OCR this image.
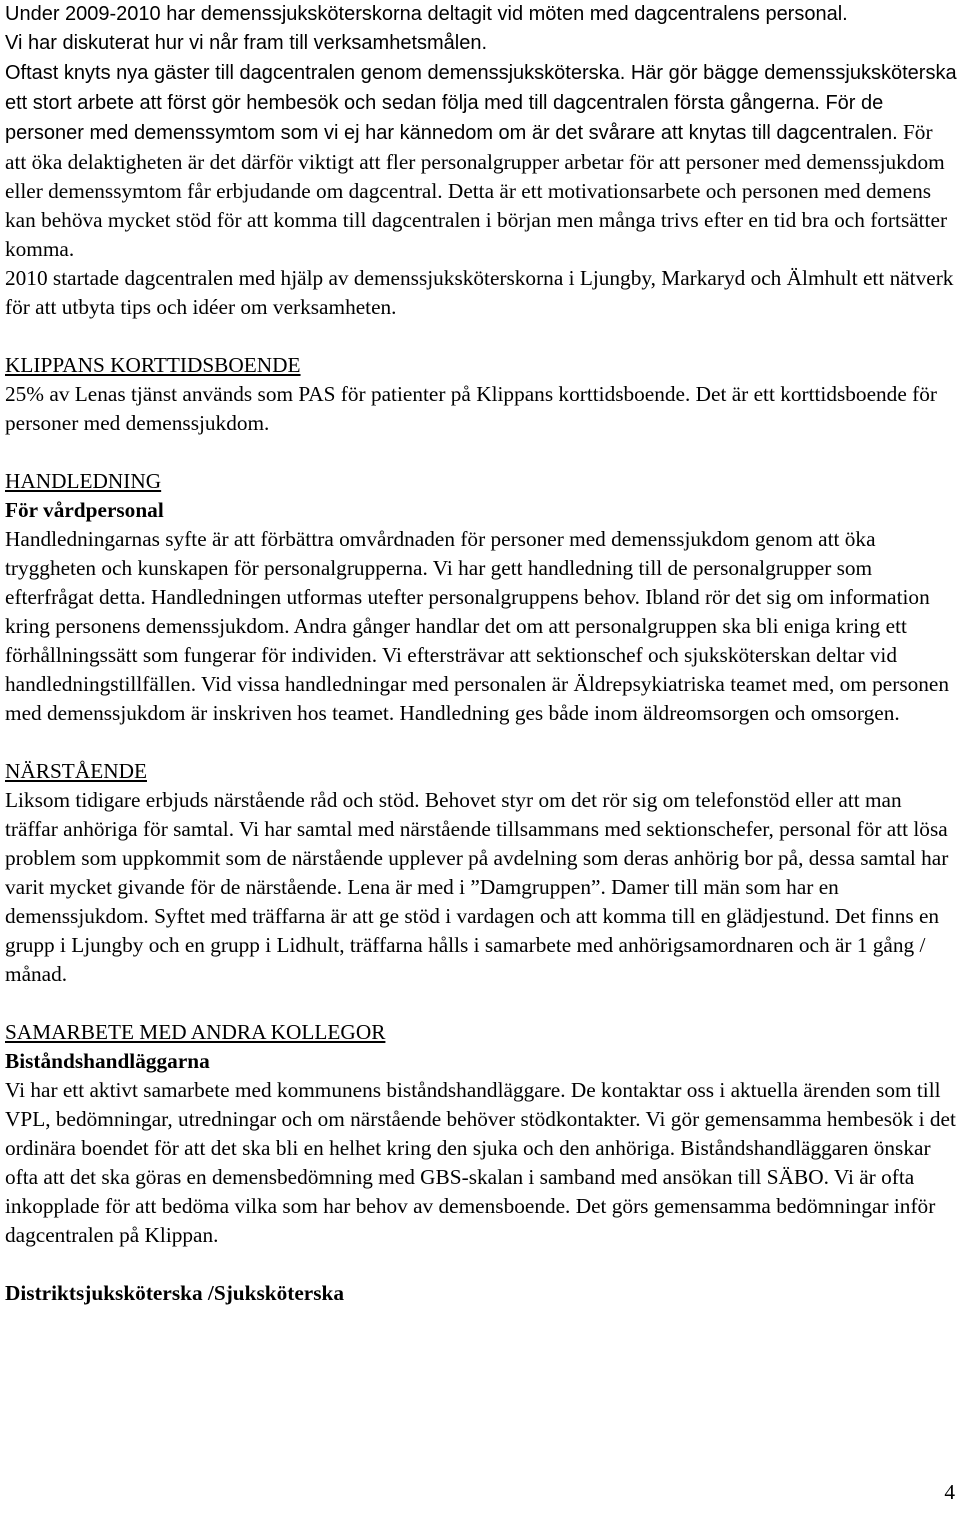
Under 2009-2010 har demenssjuksköterskorna deltagit vid möten med dagcentralens personal.

Vi har diskuterat hur vi når fram till verksamhetsmålen.

Oftast knyts nya gäster till dagcentralen genom demenssjuksköterska. Här gör bägge demenssjuksköterska ett stort arbete att först gör hembesök och sedan följa med till dagcentralen första gångerna. För de personer med demenssymtom som vi ej har kännedom om är det svårare att knytas till dagcentralen. För att öka delaktigheten är det därför viktigt att fler personalgrupper arbetar för att personer med demenssjukdom eller demenssymtom får erbjudande om dagcentral. Detta är ett motivationsarbete och personen med demens kan behöva mycket stöd för att komma till dagcentralen i början men många trivs efter en tid bra och fortsätter komma.

2010 startade dagcentralen med hjälp av demenssjuksköterskorna i Ljungby, Markaryd och Älmhult ett nätverk för att utbyta tips och idéer om verksamheten.

KLIPPANS KORTTIDSBOENDE

25% av Lenas tjänst används som PAS för patienter på Klippans korttidsboende. Det är ett korttidsboende för personer med demenssjukdom.

HANDLEDNING

För vårdpersonal

Handledningarnas syfte är att förbättra omvårdnaden för personer med demenssjukdom genom att öka tryggheten och kunskapen för personalgrupperna. Vi har gett handledning till de personalgrupper som efterfrågat detta. Handledningen utformas utefter personalgruppens behov. Ibland rör det sig om information kring personens demenssjukdom. Andra gånger handlar det om att personalgruppen ska bli eniga kring ett förhållningssätt som fungerar för individen. Vi eftersträvar att sektionschef och sjuksköterskan deltar vid handledningstillfällen. Vid vissa handledningar med personalen är Äldrepsykiatriska teamet med, om personen med demenssjukdom är inskriven hos teamet. Handledning ges både inom äldreomsorgen och omsorgen.

NÄRSTÅENDE

Liksom tidigare erbjuds närstående råd och stöd. Behovet styr om det rör sig om telefonstöd eller att man träffar anhöriga för samtal. Vi har samtal med närstående tillsammans med sektionschefer, personal för att lösa problem som uppkommit som de närstående upplever på avdelning som deras anhörig bor på, dessa samtal har varit mycket givande för de närstående. Lena är med i ”Damgruppen”. Damer till män som har en demenssjukdom. Syftet med träffarna är att ge stöd i vardagen och att komma till en glädjestund. Det finns en grupp i Ljungby och en grupp i Lidhult, träffarna hålls i samarbete med anhörigsamordnaren och är 1 gång / månad.

SAMARBETE MED ANDRA KOLLEGOR

Biståndshandläggarna

Vi har ett aktivt samarbete med kommunens biståndshandläggare. De kontaktar oss i aktuella ärenden som till VPL, bedömningar, utredningar och om närstående behöver stödkontakter. Vi gör gemensamma hembesök i det ordinära boendet för att det ska bli en helhet kring den sjuka och den anhöriga. Biståndshandläggaren önskar ofta att det ska göras en demensbedömning med GBS-skalan i samband med ansökan till SÄBO. Vi är ofta inkopplade för att bedöma vilka som har behov av demensboende. Det görs gemensamma bedömningar inför dagcentralen på Klippan.

Distriktsjuksköterska /Sjuksköterska

4
